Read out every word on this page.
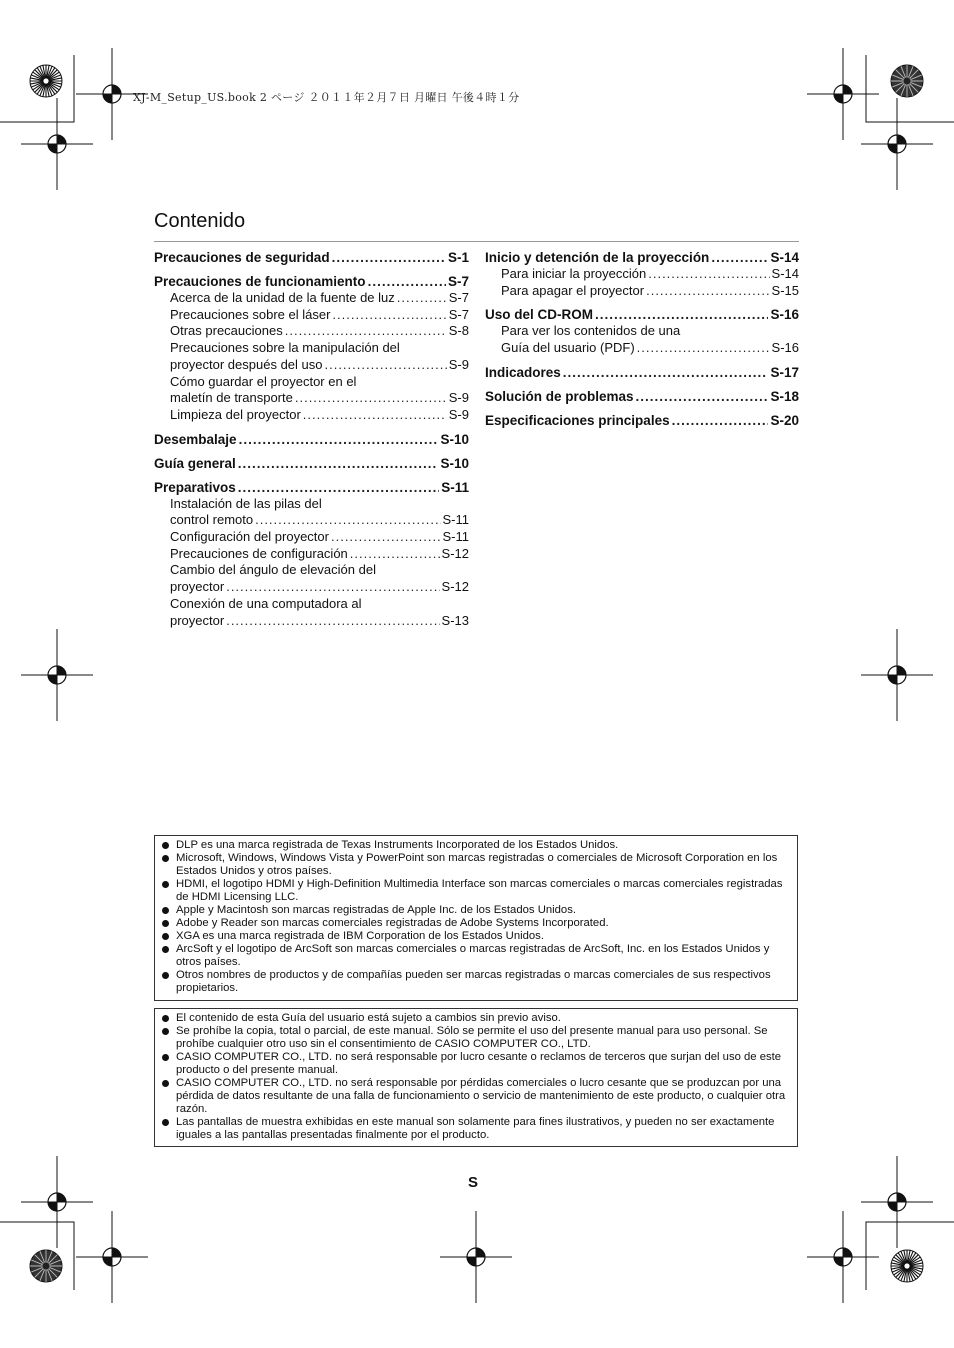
XJ-M_Setup_US.book 2 ページ ２０１１年２月７日 月曜日 午後４時１分
Contenido
Precauciones de seguridad .....	S-1
Precauciones de funcionamiento .....	S-7
Acerca de la unidad de la fuente de luz .....	S-7
Precauciones sobre el láser .....	S-7
Otras precauciones .....	S-8
Precauciones sobre la manipulación del
proyector después del uso .....	S-9
Cómo guardar el proyector en el
maletín de transporte .....	S-9
Limpieza del proyector .....	S-9
Desembalaje .....	S-10
Guía general .....	S-10
Preparativos .....	S-11
Instalación de las pilas del
control remoto .....	S-11
Configuración del proyector .....	S-11
Precauciones de configuración .....	S-12
Cambio del ángulo de elevación del
proyector .....	S-12
Conexión de una computadora al
proyector .....	S-13
Inicio y detención de la proyección .....	S-14
Para iniciar la proyección .....	S-14
Para apagar el proyector .....	S-15
Uso del CD-ROM .....	S-16
Para ver los contenidos de una
Guía del usuario (PDF) .....	S-16
Indicadores .....	S-17
Solución de problemas .....	S-18
Especificaciones principales .....	S-20
DLP es una marca registrada de Texas Instruments Incorporated de los Estados Unidos.
Microsoft, Windows, Windows Vista y PowerPoint son marcas registradas o comerciales de Microsoft Corporation en los Estados Unidos y otros países.
HDMI, el logotipo HDMI y High-Definition Multimedia Interface son marcas comerciales o marcas comerciales registradas de HDMI Licensing LLC.
Apple y Macintosh son marcas registradas de Apple Inc. de los Estados Unidos.
Adobe y Reader son marcas comerciales registradas de Adobe Systems Incorporated.
XGA es una marca registrada de IBM Corporation de los Estados Unidos.
ArcSoft y el logotipo de ArcSoft son marcas comerciales o marcas registradas de ArcSoft, Inc. en los Estados Unidos y otros países.
Otros nombres de productos y de compañías pueden ser marcas registradas o marcas comerciales de sus respectivos propietarios.
El contenido de esta Guía del usuario está sujeto a cambios sin previo aviso.
Se prohíbe la copia, total o parcial, de este manual. Sólo se permite el uso del presente manual para uso personal. Se prohíbe cualquier otro uso sin el consentimiento de CASIO COMPUTER CO., LTD.
CASIO COMPUTER CO., LTD. no será responsable por lucro cesante o reclamos de terceros que surjan del uso de este producto o del presente manual.
CASIO COMPUTER CO., LTD. no será responsable por pérdidas comerciales o lucro cesante que se produzcan por una pérdida de datos resultante de una falla de funcionamiento o servicio de mantenimiento de este producto, o cualquier otra razón.
Las pantallas de muestra exhibidas en este manual son solamente para fines ilustrativos, y pueden no ser exactamente iguales a las pantallas presentadas finalmente por el producto.
S
